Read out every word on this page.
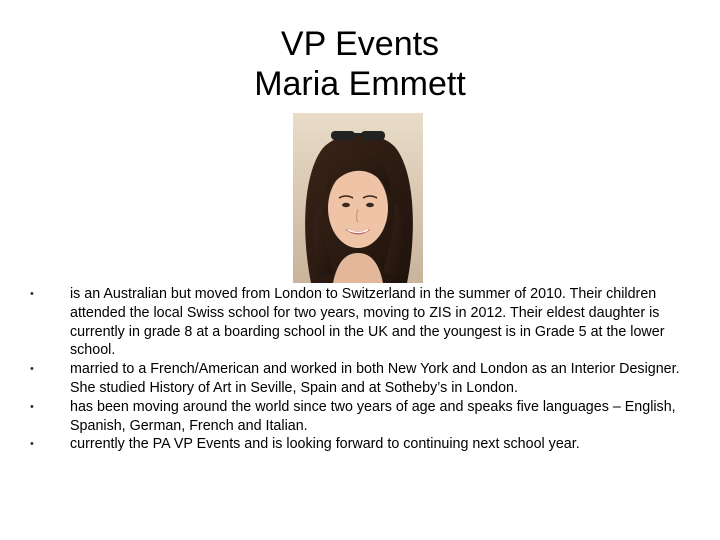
VP Events
Maria Emmett
•	is an Australian but moved from London to Switzerland in the summer of 2010. Their children attended the local Swiss school for two years, moving to ZIS in 2012. Their eldest daughter is currently in grade 8 at a boarding school in the UK and the youngest is in Grade 5 at the lower school.
•	married to a French/American and worked in both New York and London as an Interior Designer. She studied History of Art in Seville, Spain and at Sotheby’s in London.
•	has been moving around the world since two years of age and speaks five languages – English, Spanish, German, French and Italian.
•	currently the PA VP Events and is looking forward to continuing next school year.
